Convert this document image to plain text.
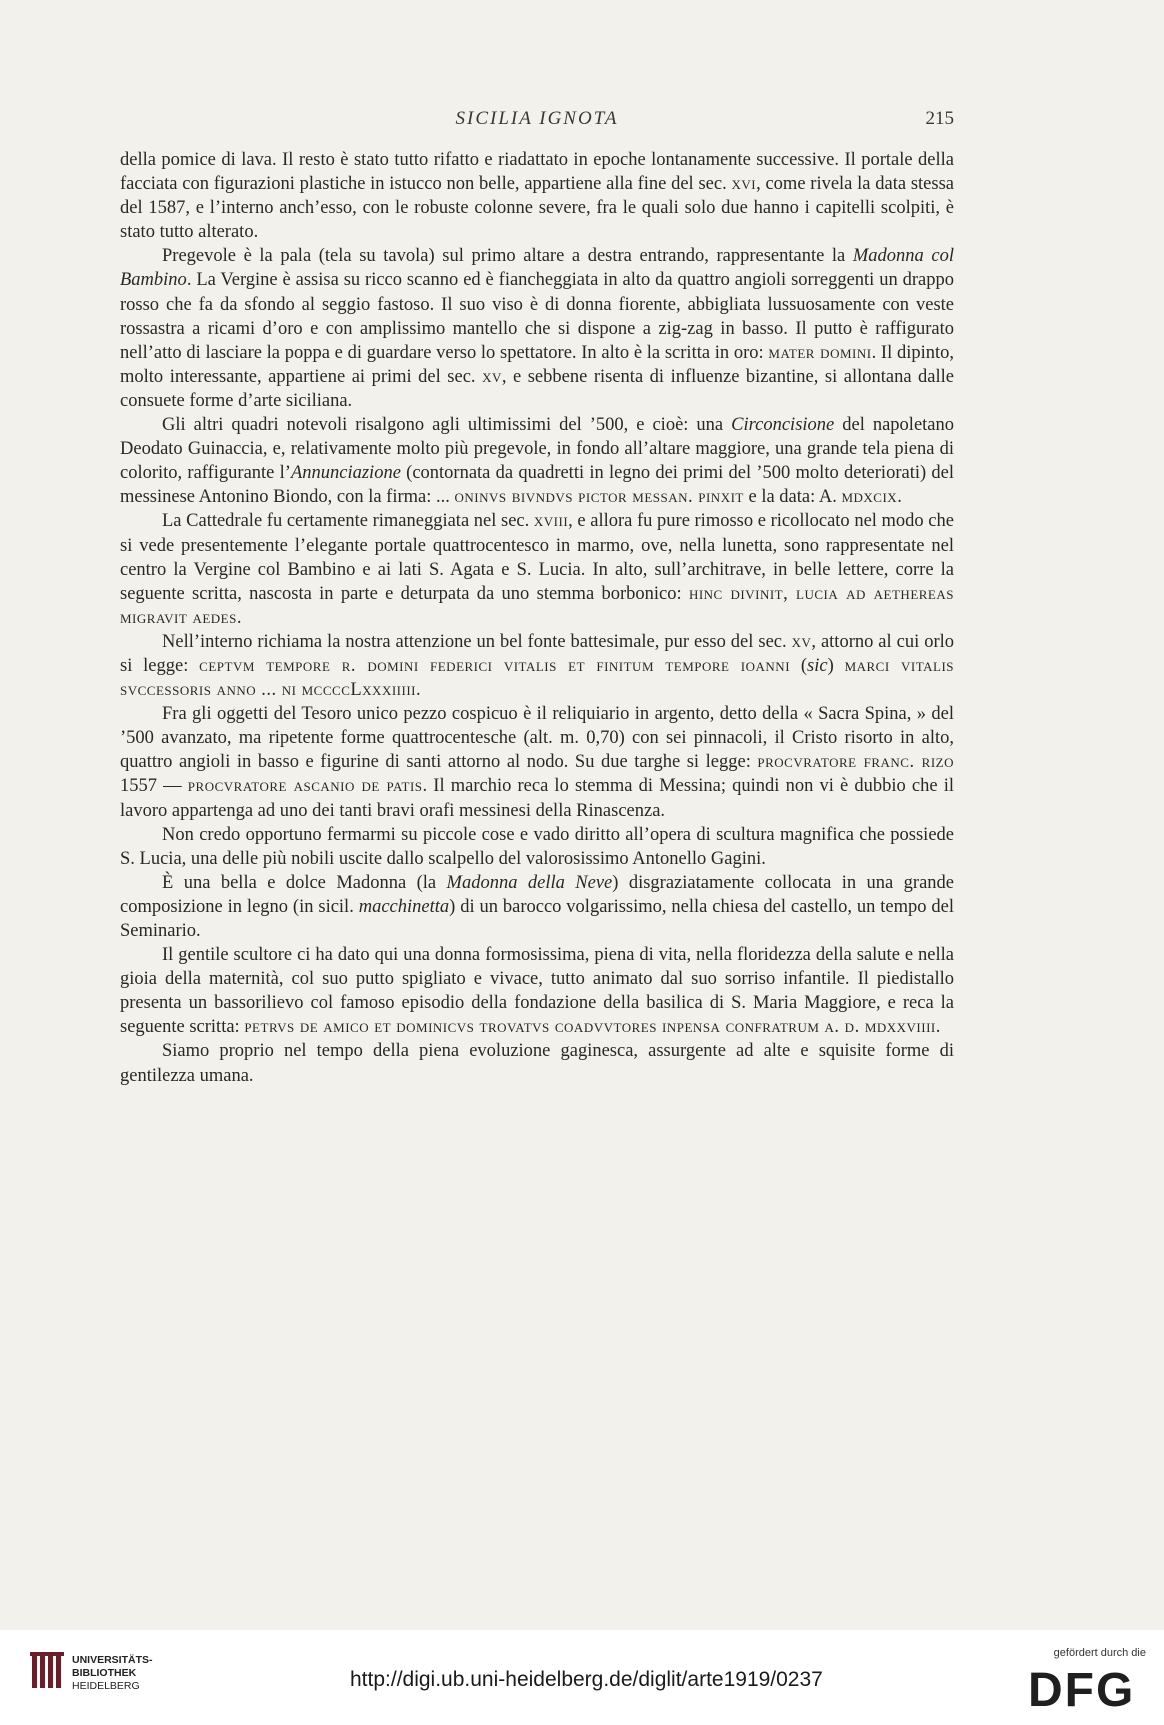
SICILIA IGNOTA	215

della pomice di lava. Il resto è stato tutto rifatto e riadattato in epoche lontanamente successive. Il portale della facciata con figurazioni plastiche in istucco non belle, appartiene alla fine del sec. xvi, come rivela la data stessa del 1587, e l’interno anch’esso, con le robuste colonne severe, fra le quali solo due hanno i capitelli scolpiti, è stato tutto alterato.

Pregevole è la pala (tela su tavola) sul primo altare a destra entrando, rappresentante la Madonna col Bambino. La Vergine è assisa su ricco scanno ed è fiancheggiata in alto da quattro angioli sorreggenti un drappo rosso che fa da sfondo al seggio fastoso. Il suo viso è di donna fiorente, abbigliata lussuosamente con veste rossastra a ricami d’oro e con amplissimo mantello che si dispone a zig-zag in basso. Il putto è raffigurato nell’atto di lasciare la poppa e di guardare verso lo spettatore. In alto è la scritta in oro: mater domini. Il dipinto, molto interessante, appartiene ai primi del sec. xv, e sebbene risenta di influenze bizantine, si allontana dalle consuete forme d’arte siciliana.

Gli altri quadri notevoli risalgono agli ultimissimi del ’500, e cioè: una Circoncisione del napoletano Deodato Guinaccia, e, relativamente molto più pregevole, in fondo all’altare maggiore, una grande tela piena di colorito, raffigurante l’Annunciazione (contornata da quadretti in legno dei primi del ’500 molto deteriorati) del messinese Antonino Biondo, con la firma: ... oninvs bivndvs pictor messan. pinxit e la data: A. mdxcix.

La Cattedrale fu certamente rimaneggiata nel sec. xviii, e allora fu pure rimosso e ricollocato nel modo che si vede presentemente l’elegante portale quattrocentesco in marmo, ove, nella lunetta, sono rappresentate nel centro la Vergine col Bambino e ai lati S. Agata e S. Lucia. In alto, sull’architrave, in belle lettere, corre la seguente scritta, nascosta in parte e deturpata da uno stemma borbonico: hinc divinit, lucia ad aethereas migravit aedes.

Nell’interno richiama la nostra attenzione un bel fonte battesimale, pur esso del sec. xv, attorno al cui orlo si legge: ceptvm tempore r. domini federici vitalis et finitum tempore ioanni (sic) marci vitalis svccessoris anno ... ni mccccLxxxiiiii.

Fra gli oggetti del Tesoro unico pezzo cospicuo è il reliquiario in argento, detto della « Sacra Spina, » del ’500 avanzato, ma ripetente forme quattrocentesche (alt. m. 0,70) con sei pinnacoli, il Cristo risorto in alto, quattro angioli in basso e figurine di santi attorno al nodo. Su due targhe si legge: procvratore franc. rizo 1557 — procvratore ascanio de patis. Il marchio reca lo stemma di Messina; quindi non vi è dubbio che il lavoro appartenga ad uno dei tanti bravi orafi messinesi della Rinascenza.

Non credo opportuno fermarmi su piccole cose e vado diritto all’opera di scultura magnifica che possiede S. Lucia, una delle più nobili uscite dallo scalpello del valorosissimo Antonello Gagini.

È una bella e dolce Madonna (la Madonna della Neve) disgraziatamente collocata in una grande composizione in legno (in sicil. macchinetta) di un barocco volgarissimo, nella chiesa del castello, un tempo del Seminario.

Il gentile scultore ci ha dato qui una donna formosissima, piena di vita, nella floridezza della salute e nella gioia della maternità, col suo putto spigliato e vivace, tutto animato dal suo sorriso infantile. Il piedistallo presenta un bassorilievo col famoso episodio della fondazione della basilica di S. Maria Maggiore, e reca la seguente scritta: petrvs de amico et dominicvs trovatvs coadvvtores inpensa confratrum a. d. mdxxviiii.

Siamo proprio nel tempo della piena evoluzione gaginesca, assurgente ad alte e squisite forme di gentilezza umana.

UNIVERSITÄTS-
BIBLIOTHEK
HEIDELBERG	http://digi.ub.uni-heidelberg.de/diglit/arte1919/0237
gefördert durch die
DFG
